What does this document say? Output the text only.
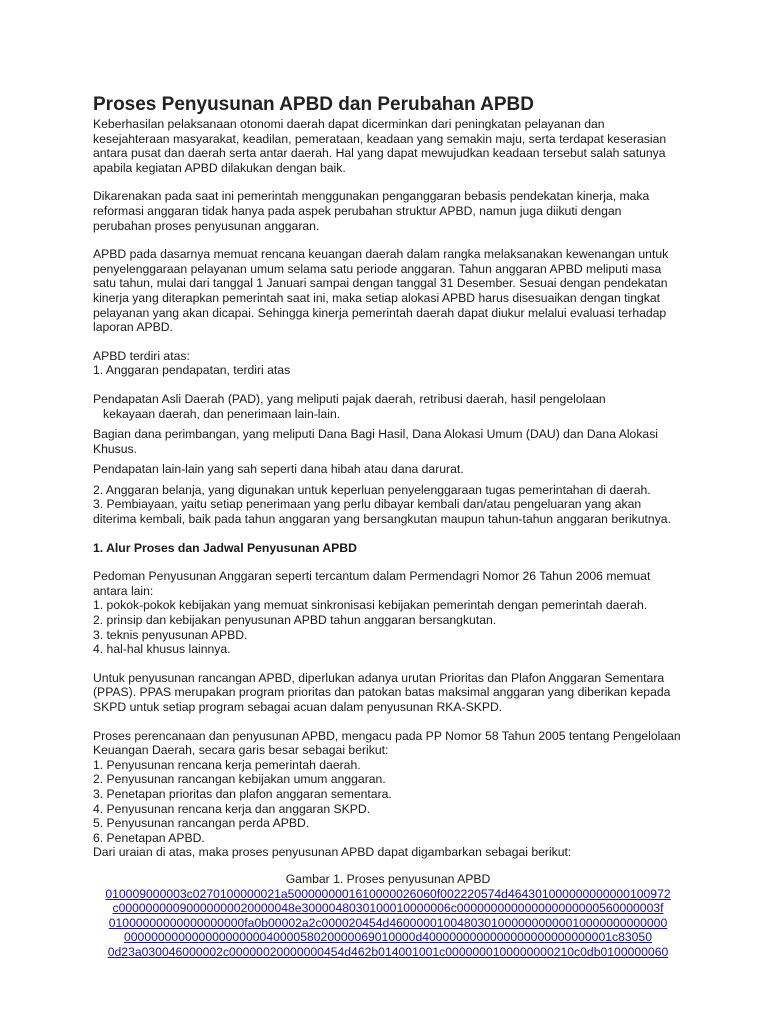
Proses Penyusunan APBD dan Perubahan APBD

Keberhasilan pelaksanaan otonomi daerah dapat dicerminkan dari peningkatan pelayanan dan kesejahteraan masyarakat, keadilan, pemerataan, keadaan yang semakin maju, serta terdapat keserasian antara pusat dan daerah serta antar daerah. Hal yang dapat mewujudkan keadaan tersebut salah satunya apabila kegiatan APBD dilakukan dengan baik.

Dikarenakan pada saat ini pemerintah menggunakan penganggaran bebasis pendekatan kinerja, maka reformasi anggaran tidak hanya pada aspek perubahan struktur APBD, namun juga diikuti dengan perubahan proses penyusunan anggaran.

APBD pada dasarnya memuat rencana keuangan daerah dalam rangka melaksanakan kewenangan untuk penyelenggaraan pelayanan umum selama satu periode anggaran. Tahun anggaran APBD meliputi masa satu tahun, mulai dari tanggal 1 Januari sampai dengan tanggal 31 Desember. Sesuai dengan pendekatan kinerja yang diterapkan pemerintah saat ini, maka setiap alokasi APBD harus disesuaikan dengan tingkat pelayanan yang akan dicapai. Sehingga kinerja pemerintah daerah dapat diukur melalui evaluasi terhadap laporan APBD.

APBD terdiri atas:

1. Anggaran pendapatan, terdiri atas

Pendapatan Asli Daerah (PAD), yang meliputi pajak daerah, retribusi daerah, hasil pengelolaan

kekayaan daerah, dan penerimaan lain-lain.

Bagian dana perimbangan, yang meliputi Dana Bagi Hasil, Dana Alokasi Umum (DAU) dan Dana Alokasi Khusus.

Pendapatan lain-lain yang sah seperti dana hibah atau dana darurat.

2. Anggaran belanja, yang digunakan untuk keperluan penyelenggaraan tugas pemerintahan di daerah.

3. Pembiayaan, yaitu setiap penerimaan yang perlu dibayar kembali dan/atau pengeluaran yang akan diterima kembali, baik pada tahun anggaran yang bersangkutan maupun tahun-tahun anggaran berikutnya.

1. Alur Proses dan Jadwal Penyusunan APBD

Pedoman Penyusunan Anggaran seperti tercantum dalam Permendagri Nomor 26 Tahun 2006 memuat antara lain:

1. pokok-pokok kebijakan yang memuat sinkronisasi kebijakan pemerintah dengan pemerintah daerah.

2. prinsip dan kebijakan penyusunan APBD tahun anggaran bersangkutan.

3. teknis penyusunan APBD.

4. hal-hal khusus lainnya.

Untuk penyusunan rancangan APBD, diperlukan adanya urutan Prioritas dan Plafon Anggaran Sementara (PPAS). PPAS merupakan program prioritas dan patokan batas maksimal anggaran yang diberikan kepada SKPD untuk setiap program sebagai acuan dalam penyusunan RKA-SKPD.

Proses perencanaan dan penyusunan APBD, mengacu pada PP Nomor 58 Tahun 2005 tentang Pengelolaan Keuangan Daerah, secara garis besar sebagai berikut:

1. Penyusunan rencana kerja pemerintah daerah.

2. Penyusunan rancangan kebijakan umum anggaran.

3. Penetapan prioritas dan plafon anggaran sementara.

4. Penyusunan rencana kerja dan anggaran SKPD.

5. Penyusunan rancangan perda APBD.

6. Penetapan APBD.

Dari uraian di atas, maka proses penyusunan APBD dapat digambarkan sebagai berikut:

Gambar 1. Proses penyusunan APBD

010009000003c0270100000021a5000000001610000026060f002220574d464301000000000000100972
c00000000090000000020000048e3000048030100010000006c000000000000000000000560000003f
01000000000000000000fa0b00002a2c000020454d46000001004803010000000000010000000000000
0000000000000000000004000058020000069010000d4000000000000000000000000001c83050
0d23a030046000002c00000020000000454d462b014001001c0000000100000000210c0db0100000060
